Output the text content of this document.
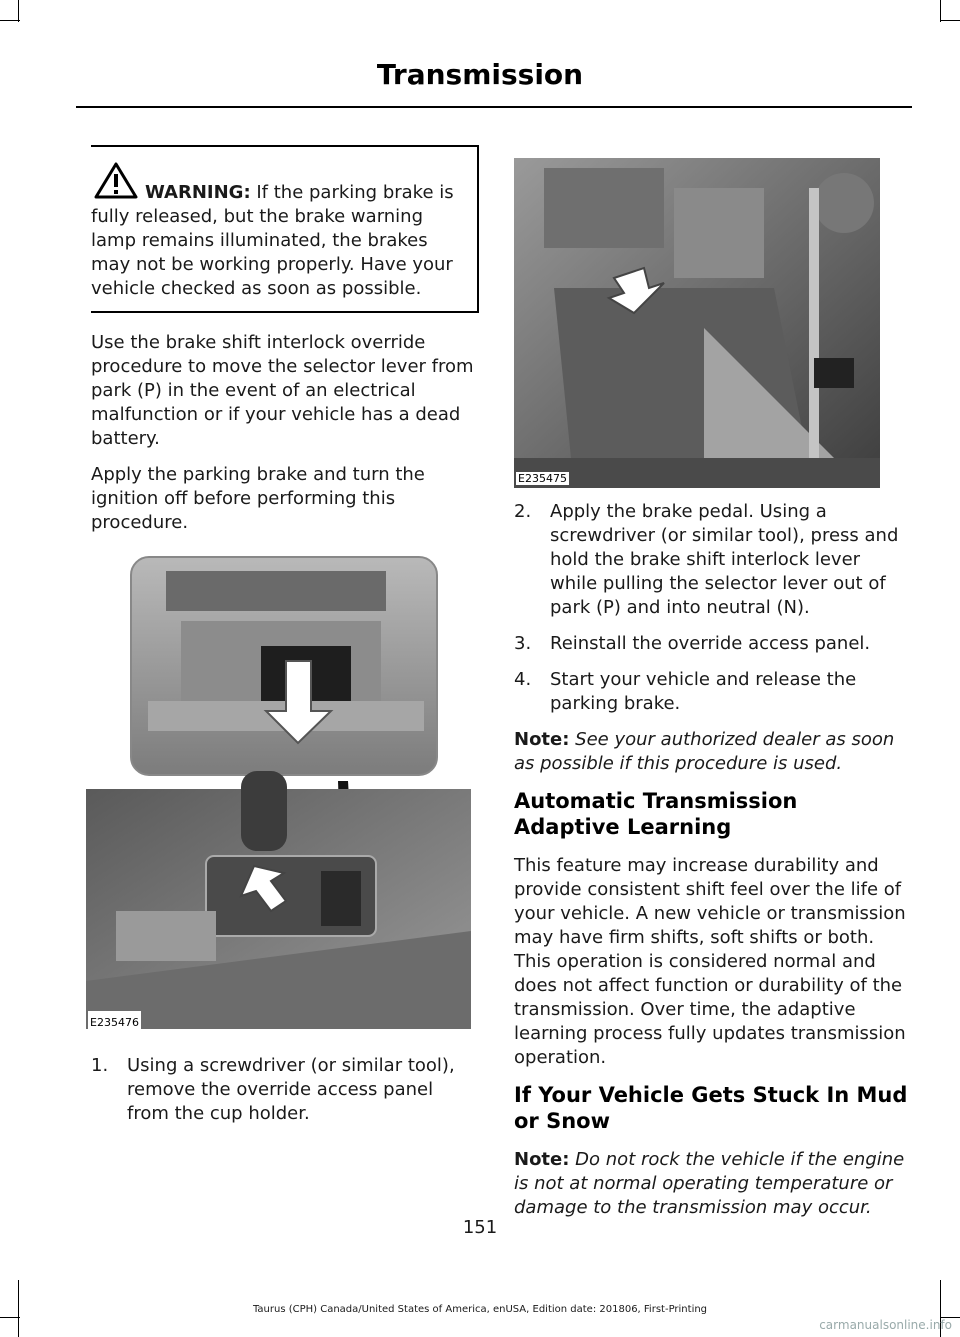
Transmission
WARNING: If the parking brake is fully released, but the brake warning lamp remains illuminated, the brakes may not be working properly. Have your vehicle checked as soon as possible.

Use the brake shift interlock override procedure to move the selector lever from park (P) in the event of an electrical malfunction or if your vehicle has a dead battery.

Apply the parking brake and turn the ignition off before performing this procedure.

E235476
1. Using a screwdriver (or similar tool), remove the override access panel from the cup holder.
E235475
2. Apply the brake pedal. Using a screwdriver (or similar tool), press and hold the brake shift interlock lever while pulling the selector lever out of park (P) and into neutral (N).
3. Reinstall the override access panel.
4. Start your vehicle and release the parking brake.

Note: See your authorized dealer as soon as possible if this procedure is used.

Automatic Transmission Adaptive Learning

This feature may increase durability and provide consistent shift feel over the life of your vehicle. A new vehicle or transmission may have firm shifts, soft shifts or both. This operation is considered normal and does not affect function or durability of the transmission. Over time, the adaptive learning process fully updates transmission operation.

If Your Vehicle Gets Stuck In Mud or Snow

Note: Do not rock the vehicle if the engine is not at normal operating temperature or damage to the transmission may occur.

151
Taurus (CPH) Canada/United States of America, enUSA, Edition date: 201806, First-Printing
carmanualsonline.info
